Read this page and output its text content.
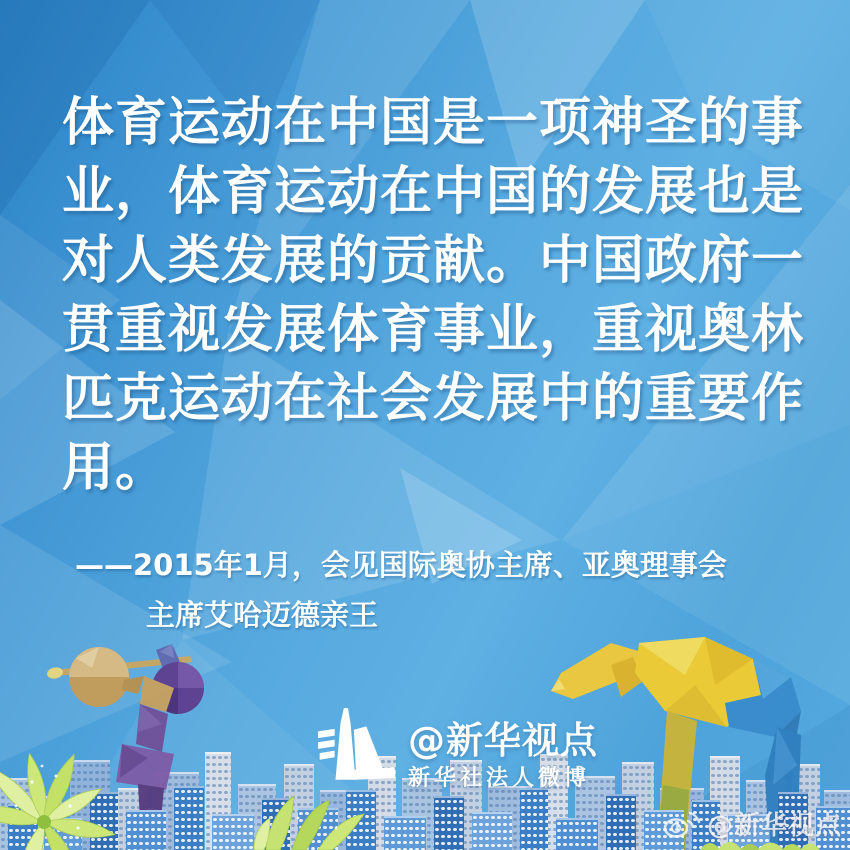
体育运动在中国是一项神圣的事
业，体育运动在中国的发展也是
对人类发展的贡献。中国政府一
贯重视发展体育事业，重视奥林
匹克运动在社会发展中的重要作
用。
——2015年1月，会见国际奥协主席、亚奥理事会
主席艾哈迈德亲王
@新华视点
新华社法人微博
@新华视点
